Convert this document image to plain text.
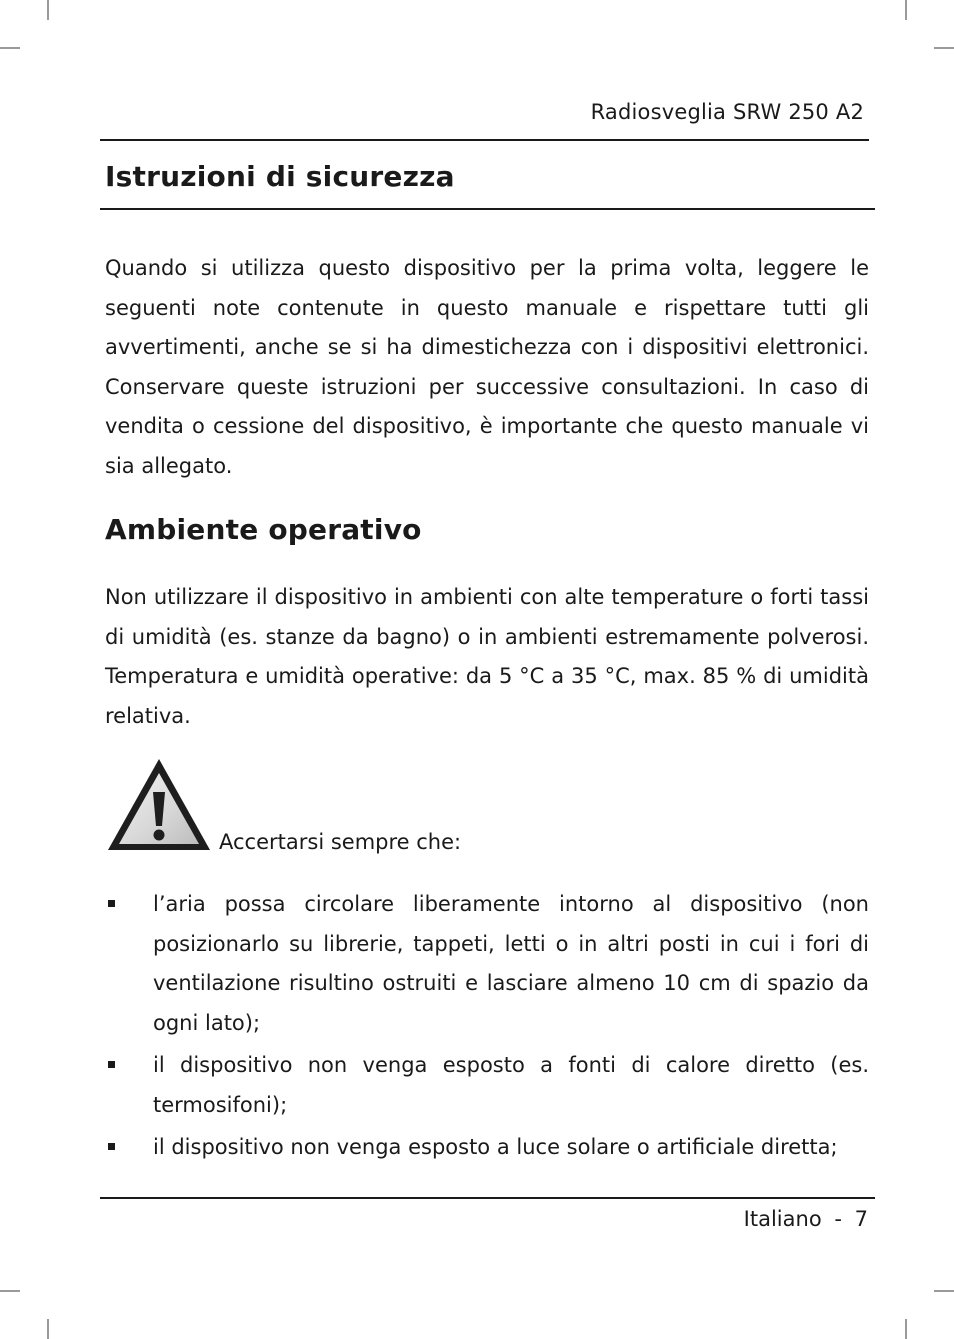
Radiosveglia SRW 250 A2
Istruzioni di sicurezza

Quando si utilizza questo dispositivo per la prima volta, leggere le seguenti note contenute in questo manuale e rispettare tutti gli avvertimenti, anche se si ha dimestichezza con i dispositivi elettronici. Conservare queste istruzioni per successive consultazioni. In caso di vendita o cessione del dispositivo, è importante che questo manuale vi sia allegato.

Ambiente operativo

Non utilizzare il dispositivo in ambienti con alte temperature o forti tassi di umidità (es. stanze da bagno) o in ambienti estremamente polverosi. Temperatura e umidità operative: da 5 °C a 35 °C, max. 85 % di umidità relativa.

Accertarsi sempre che:
l’aria possa circolare liberamente intorno al dispositivo (non posizionarlo su librerie, tappeti, letti o in altri posti in cui i fori di ventilazione risultino ostruiti e lasciare almeno 10 cm di spazio da ogni lato);
il dispositivo non venga esposto a fonti di calore diretto (es. termosifoni);
il dispositivo non venga esposto a luce solare o artificiale diretta;
Italiano - 7
